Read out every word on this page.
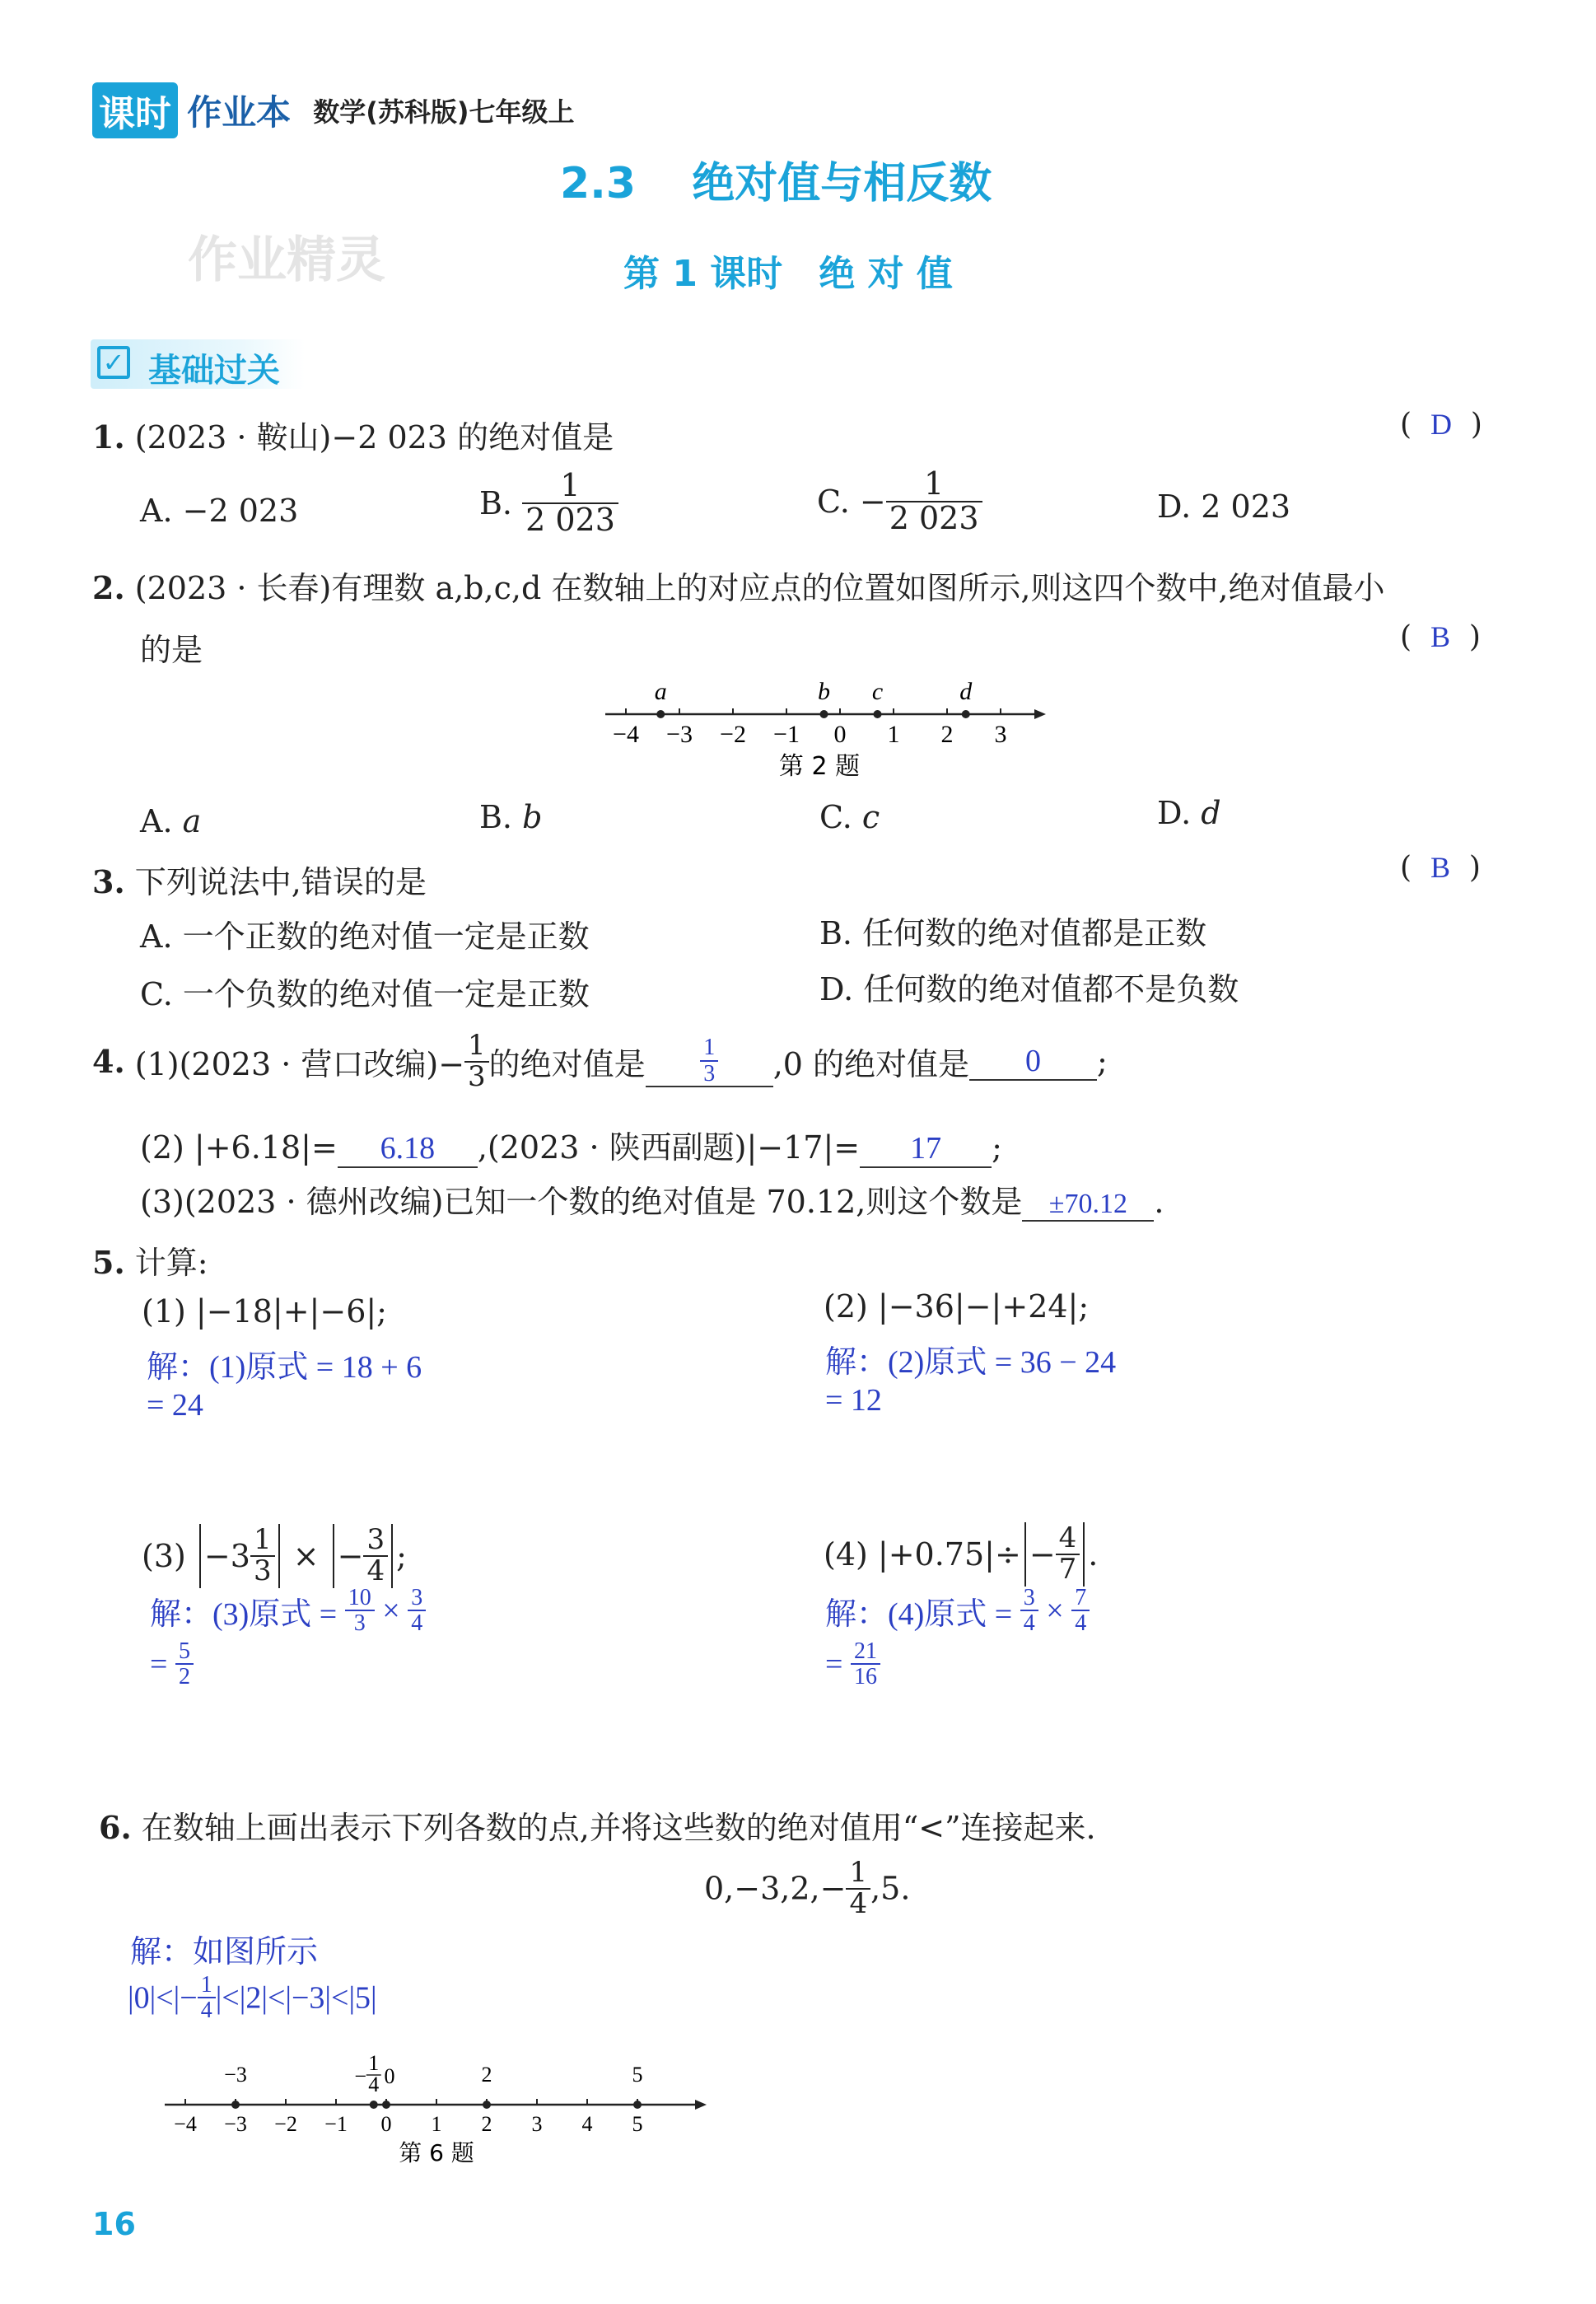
课时 作业本 数学(苏科版)七年级上
2.3 绝对值与相反数
作业精灵	第 1 课时　绝 对 值
✓ 基础过关
1. (2023 · 鞍山)−2 023 的绝对值是	(  D  )
A. −2 023	B. $\frac{1}{2 023}$	C. − $\frac{1}{2 023}$	D. 2 023
2. (2023 · 长春)有理数 a,b,c,d 在数轴上的对应点的位置如图所示,则这四个数中,绝对值最小
的是	(  B  )
−4 −3 −2 −1 0 1 2 3
a	b c	d
第 2 题
A. a	B. b	C. c	D. d
3. 下列说法中,错误的是	(  B  )
A. 一个正数的绝对值一定是正数	B. 任何数的绝对值都是正数
C. 一个负数的绝对值一定是正数	D. 任何数的绝对值都不是负数
4. (1)(2023 · 营口改编)− $\frac{1}{3}$ 的绝对值是 $\frac{1}{3} ,0$ 的绝对值是 0 ;
(2) |+6.18|= 6.18 ,(2023 · 陕西副题)|−17|= 17 ;
(3)(2023 · 德州改编)已知一个数的绝对值是 70.12,则这个数是 ±70.12 .
5. 计算:
(1) |−18|+|−6|;
解：(1)原式 = 18 + 6
= 24
(2) |−36|−|+24|;
解：(2)原式 = 36 − 24
= 12
$(3) -3 \frac{1}{3}$ × − $\frac{3}{4}$ ;
解：(3)原式 = $\frac{10}{3} \times \frac{3}{4}$
= $\frac{5}{2}$
(4) $|+0.75|\div - \frac{4}{7}$ .
解：(4)原式 = $\frac{3}{4} \times \frac{7}{4}$
= $\frac{21}{16}$
6. 在数轴上画出表示下列各数的点,并将这些数的绝对值用“<”连接起来.
$0,-3,2,- \frac{1}{4} ,5$.
解：如图所示
$|0|<|- \frac{1}{4} |<|2|<|-3|<|5|$
−4 −3 −2 −1 0 1 2 3 4 5
−3	−
1
4 0	2	5
第 6 题
16
